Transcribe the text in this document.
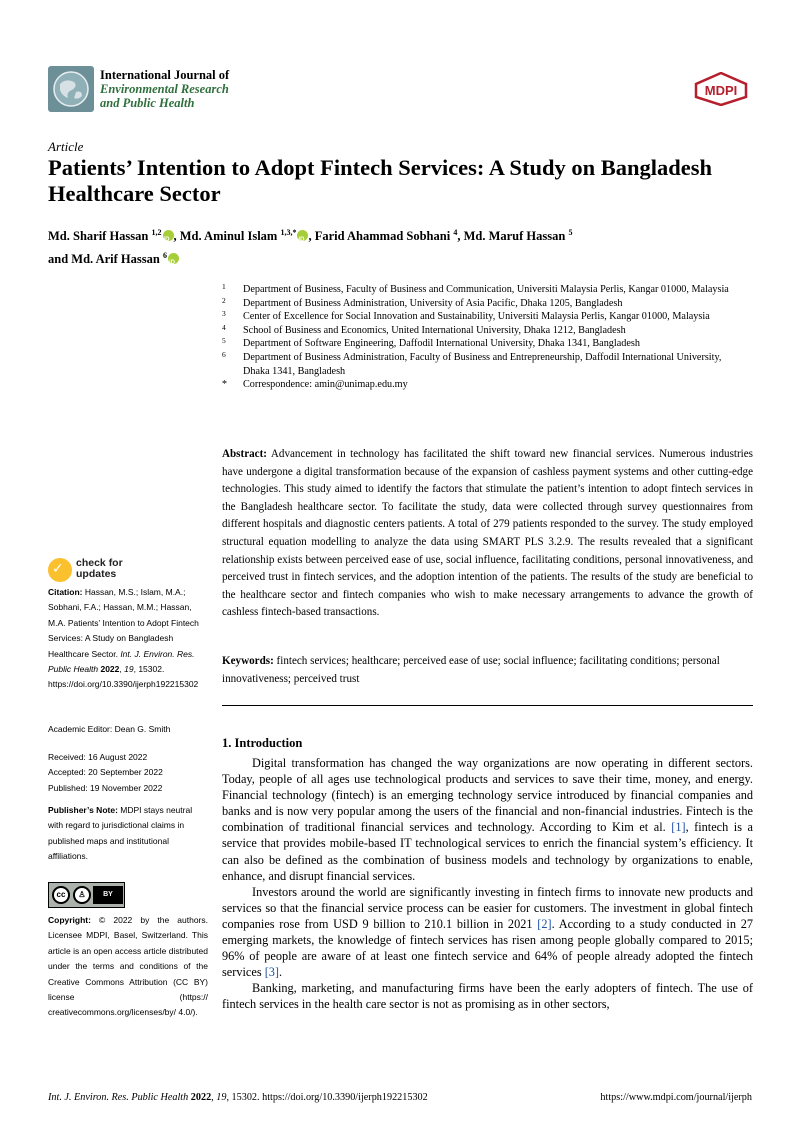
International Journal of
Environmental Research
and Public Health
MDPI
Article
Patients’ Intention to Adopt Fintech Services: A Study on Bangladesh Healthcare Sector
Md. Sharif Hassan $^{1,2}$ iD , Md. Aminul Islam $^{1,3,*}$ iD , Farid Ahammad Sobhani $^4$, Md. Maruf Hassan $^5$
and Md. Arif Hassan $^6$iD
1 Department of Business, Faculty of Business and Communication, Universiti Malaysia Perlis, Kangar 01000, Malaysia
2 Department of Business Administration, University of Asia Pacific, Dhaka 1205, Bangladesh
3 Center of Excellence for Social Innovation and Sustainability, Universiti Malaysia Perlis, Kangar 01000, Malaysia
4 School of Business and Economics, United International University, Dhaka 1212, Bangladesh
5 Department of Software Engineering, Daffodil International University, Dhaka 1341, Bangladesh
6 Department of Business Administration, Faculty of Business and Entrepreneurship, Daffodil International University, Dhaka 1341, Bangladesh
* Correspondence: amin@unimap.edu.my
Abstract: Advancement in technology has facilitated the shift toward new financial services. Numerous industries have undergone a digital transformation because of the expansion of cashless payment systems and other cutting-edge technologies. This study aimed to identify the factors that stimulate the patient’s intention to adopt fintech services in the Bangladesh healthcare sector. To facilitate the study, data were collected through survey questionnaires from different hospitals and diagnostic centers patients. A total of 279 patients responded to the survey. The study employed structural equation modelling to analyze the data using SMART PLS 3.2.9. The results revealed that a significant relationship exists between perceived ease of use, social influence, facilitating conditions, personal innovativeness, and perceived trust in fintech services, and the adoption intention of the patients. The results of the study are beneficial to the healthcare sector and fintech companies who wish to make necessary arrangements to advance the growth of cashless fintech-based transactions.
Keywords: fintech services; healthcare; perceived ease of use; social influence; facilitating conditions; personal innovativeness; perceived trust
✓ check for
updates
Citation: Hassan, M.S.; Islam, M.A.; Sobhani, F.A.; Hassan, M.M.; Hassan, M.A. Patients’ Intention to Adopt Fintech Services: A Study on Bangladesh Healthcare Sector. Int. J. Environ. Res. Public Health 2022, 19, 15302. https://doi.org/10.3390/ijerph192215302
Academic Editor: Dean G. Smith
Received: 16 August 2022
Accepted: 20 September 2022
Published: 19 November 2022
Publisher’s Note: MDPI stays neutral with regard to jurisdictional claims in published maps and institutional affiliations.
cc	♙	BY
Copyright: © 2022 by the authors. Licensee MDPI, Basel, Switzerland. This article is an open access article distributed under the terms and conditions of the Creative Commons Attribution (CC BY) license (https:// creativecommons.org/licenses/by/ 4.0/).
1. Introduction

Digital transformation has changed the way organizations are now operating in different sectors. Today, people of all ages use technological products and services to save their time, money, and energy. Financial technology (fintech) is an emerging technology service introduced by financial companies and banks and is now very popular among the users of the financial and non-financial industries. Fintech is the combination of traditional financial services and technology. According to Kim et al. [1], fintech is a service that provides mobile-based IT technological services to enrich the financial system’s efficiency. It can also be defined as the combination of business models and technology by organizations to enable, enhance, and disrupt financial services.

Investors around the world are significantly investing in fintech firms to innovate new products and services so that the financial service process can be easier for customers. The investment in global fintech companies rose from USD 9 billion to 210.1 billion in 2021 [2]. According to a study conducted in 27 emerging markets, the knowledge of fintech services has risen among people globally compared to 2015; 96% of people are aware of at least one fintech service and 64% of people already adopted the fintech services [3].

Banking, marketing, and manufacturing firms have been the early adopters of fintech. The use of fintech services in the health care sector is not as promising as in other sectors,

Int. J. Environ. Res. Public Health 2022, 19, 15302. https://doi.org/10.3390/ijerph192215302	https://www.mdpi.com/journal/ijerph
